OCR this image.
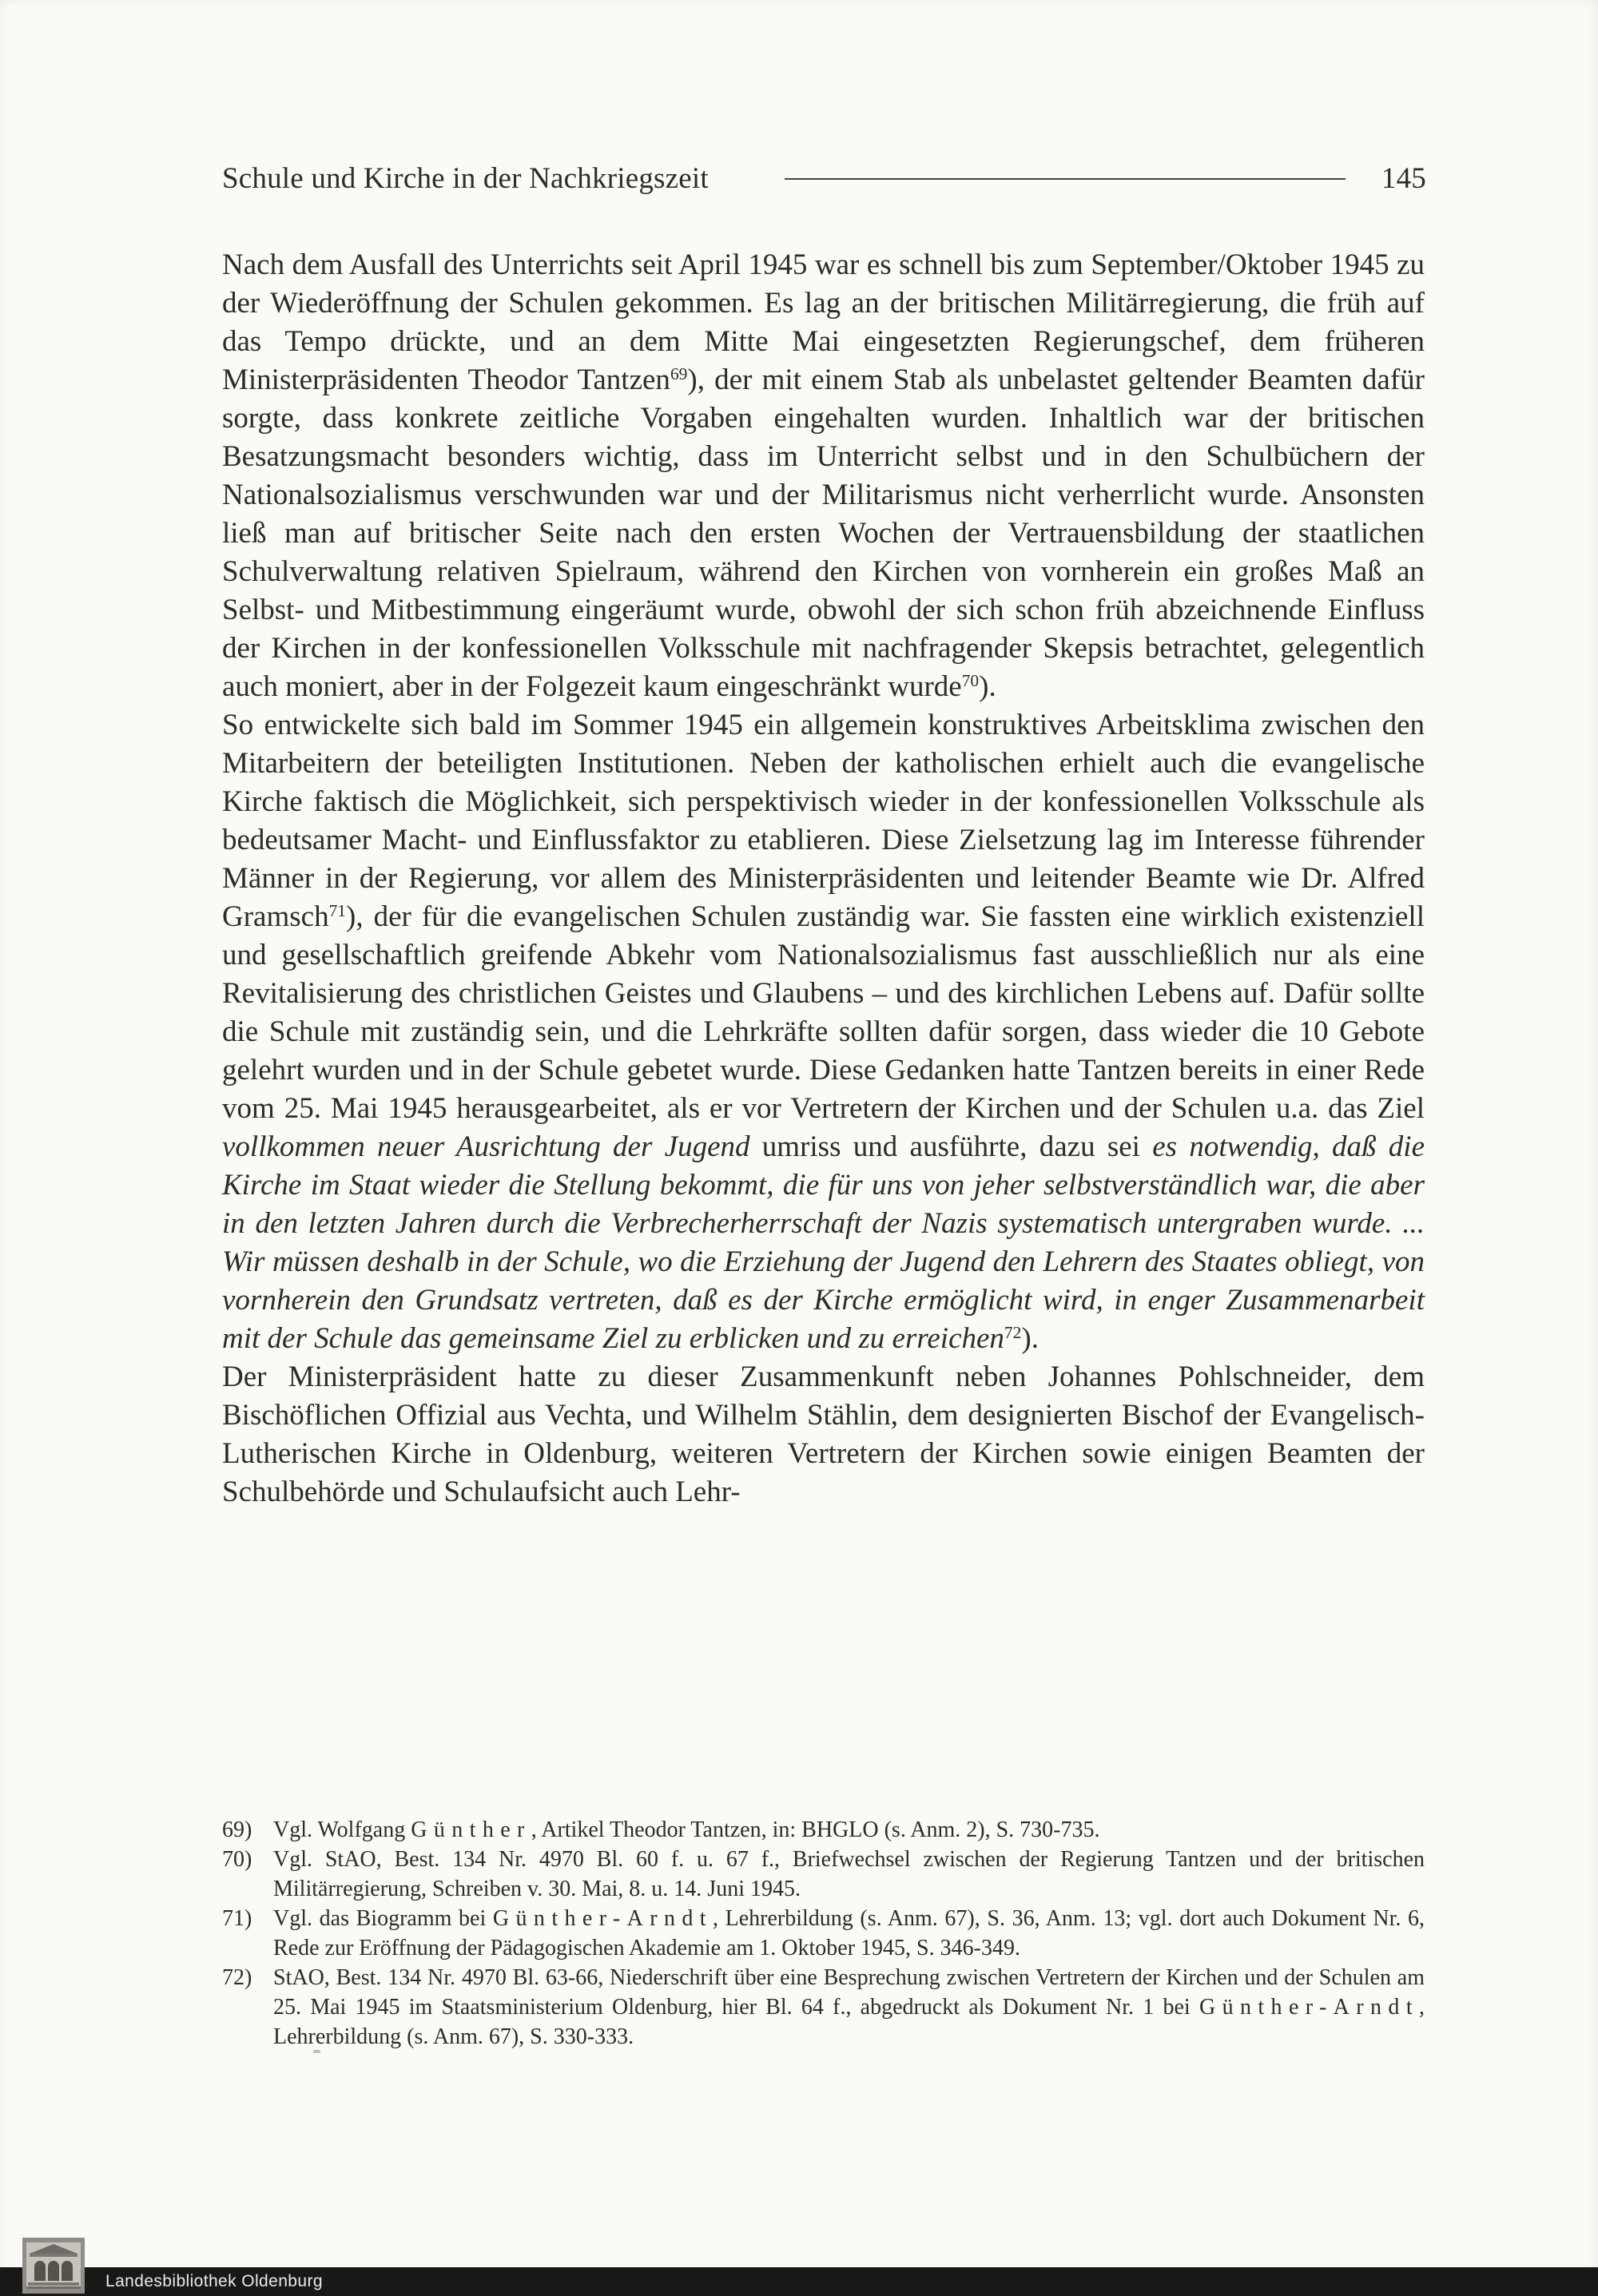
Schule und Kirche in der Nachkriegszeit	145

Nach dem Ausfall des Unterrichts seit April 1945 war es schnell bis zum September/Oktober 1945 zu der Wiederöffnung der Schulen gekommen. Es lag an der britischen Militärregierung, die früh auf das Tempo drückte, und an dem Mitte Mai eingesetzten Regierungschef, dem früheren Ministerpräsidenten Theodor Tantzen$^{69}$), der mit einem Stab als unbelastet geltender Beamten dafür sorgte, dass konkrete zeitliche Vorgaben eingehalten wurden. Inhaltlich war der britischen Besatzungsmacht besonders wichtig, dass im Unterricht selbst und in den Schulbüchern der Nationalsozialismus verschwunden war und der Militarismus nicht verherrlicht wurde. Ansonsten ließ man auf britischer Seite nach den ersten Wochen der Vertrauensbildung der staatlichen Schulverwaltung relativen Spielraum, während den Kirchen von vornherein ein großes Maß an Selbst- und Mitbestimmung eingeräumt wurde, obwohl der sich schon früh abzeichnende Einfluss der Kirchen in der konfessionellen Volksschule mit nachfragender Skepsis betrachtet, gelegentlich auch moniert, aber in der Folgezeit kaum eingeschränkt wurde$^{70}$).

So entwickelte sich bald im Sommer 1945 ein allgemein konstruktives Arbeitsklima zwischen den Mitarbeitern der beteiligten Institutionen. Neben der katholischen erhielt auch die evangelische Kirche faktisch die Möglichkeit, sich perspektivisch wieder in der konfessionellen Volksschule als bedeutsamer Macht- und Einflussfaktor zu etablieren. Diese Zielsetzung lag im Interesse führender Männer in der Regierung, vor allem des Ministerpräsidenten und leitender Beamte wie Dr. Alfred Gramsch$^{71}$), der für die evangelischen Schulen zuständig war. Sie fassten eine wirklich existenziell und gesellschaftlich greifende Abkehr vom Nationalsozialismus fast ausschließlich nur als eine Revitalisierung des christlichen Geistes und Glaubens – und des kirchlichen Lebens auf. Dafür sollte die Schule mit zuständig sein, und die Lehrkräfte sollten dafür sorgen, dass wieder die 10 Gebote gelehrt wurden und in der Schule gebetet wurde. Diese Gedanken hatte Tantzen bereits in einer Rede vom 25. Mai 1945 herausgearbeitet, als er vor Vertretern der Kirchen und der Schulen u.a. das Ziel vollkommen neuer Ausrichtung der Jugend umriss und ausführte, dazu sei es notwendig, daß die Kirche im Staat wieder die Stellung bekommt, die für uns von jeher selbstverständlich war, die aber in den letzten Jahren durch die Verbrecherherrschaft der Nazis systematisch untergraben wurde. ... Wir müssen deshalb in der Schule, wo die Erziehung der Jugend den Lehrern des Staates obliegt, von vornherein den Grundsatz vertreten, daß es der Kirche ermöglicht wird, in enger Zusammenarbeit mit der Schule das gemeinsame Ziel zu erblicken und zu erreichen$^{72}$).

Der Ministerpräsident hatte zu dieser Zusammenkunft neben Johannes Pohlschneider, dem Bischöflichen Offizial aus Vechta, und Wilhelm Stählin, dem designierten Bischof der Evangelisch-Lutherischen Kirche in Oldenburg, weiteren Vertretern der Kirchen sowie einigen Beamten der Schulbehörde und Schulaufsicht auch Lehr-

69) Vgl. Wolfgang Günther, Artikel Theodor Tantzen, in: BHGLO (s. Anm. 2), S. 730-735.
70) Vgl. StAO, Best. 134 Nr. 4970 Bl. 60 f. u. 67 f., Briefwechsel zwischen der Regierung Tantzen und der britischen Militärregierung, Schreiben v. 30. Mai, 8. u. 14. Juni 1945.
71) Vgl. das Biogramm bei Günther-Arndt, Lehrerbildung (s. Anm. 67), S. 36, Anm. 13; vgl. dort auch Dokument Nr. 6, Rede zur Eröffnung der Pädagogischen Akademie am 1. Oktober 1945, S. 346-349.
72) StAO, Best. 134 Nr. 4970 Bl. 63-66, Niederschrift über eine Besprechung zwischen Vertretern der Kirchen und der Schulen am 25. Mai 1945 im Staatsministerium Oldenburg, hier Bl. 64 f., abgedruckt als Dokument Nr. 1 bei Günther-Arndt, Lehrerbildung (s. Anm. 67), S. 330-333.
Landesbibliothek Oldenburg
